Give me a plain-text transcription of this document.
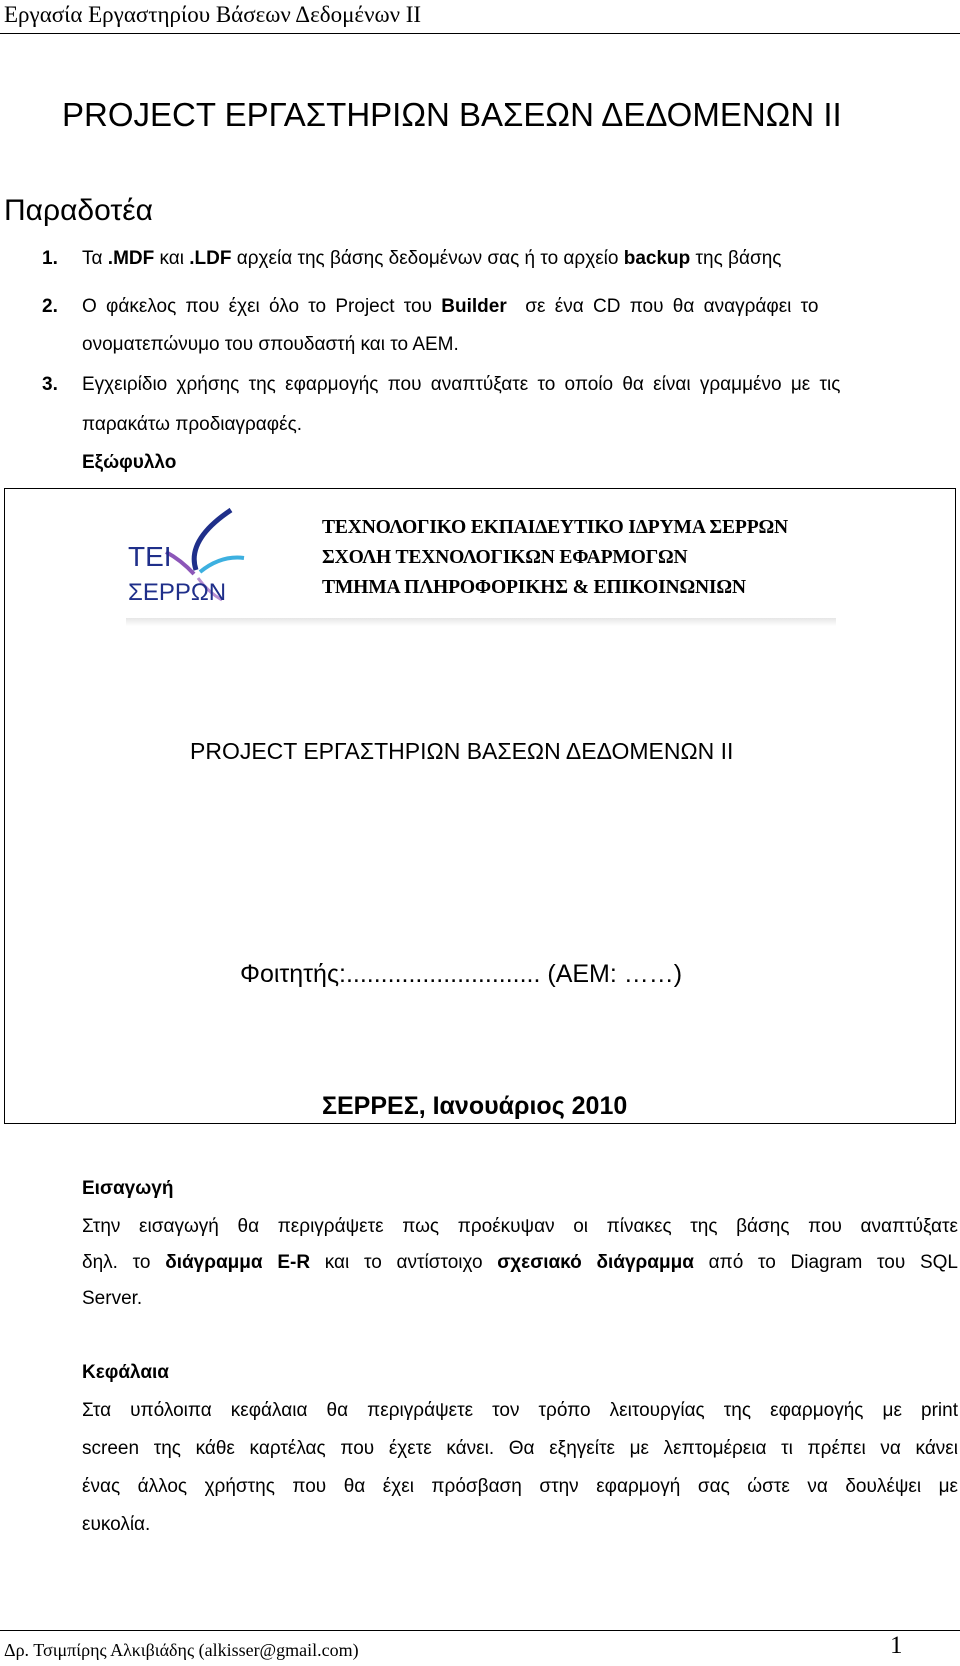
Εργασία Εργαστηρίου Βάσεων Δεδομένων ΙΙ
PROJECT ΕΡΓΑΣΤΗΡΙΩΝ ΒΑΣΕΩΝ ΔΕΔΟΜΕΝΩΝ ΙΙ
Παραδοτέα
1. Τα .MDF και .LDF αρχεία της βάσης δεδομένων σας ή το αρχείο backup της βάσης
2. Ο φάκελος που έχει όλο το Project του Builder  σε ένα CD που θα αναγράφει το
ονοματεπώνυμο του σπουδαστή και το ΑΕΜ.
3. Εγχειρίδιο χρήσης της εφαρμογής που αναπτύξατε το οποίο θα είναι γραμμένο με τις
παρακάτω προδιαγραφές.
Εξώφυλλο
ΤΕΙ
ΣΕΡΡΩΝ
ΤΕΧΝΟΛΟΓΙΚΟ ΕΚΠΑΙΔΕΥΤΙΚΟ ΙΔΡΥΜΑ ΣΕΡΡΩΝ
ΣΧΟΛΗ ΤΕΧΝΟΛΟΓΙΚΩΝ ΕΦΑΡΜΟΓΩΝ
ΤΜΗΜΑ ΠΛΗΡΟΦΟΡΙΚΗΣ & ΕΠΙΚΟΙΝΩΝΙΩΝ
PROJECT ΕΡΓΑΣΤΗΡΙΩΝ ΒΑΣΕΩΝ ΔΕΔΟΜΕΝΩΝ ΙΙ
Φοιτητής:............................ (ΑΕΜ: ……)
ΣΕΡΡΕΣ, Ιανουάριος 2010
Εισαγωγή
Στην εισαγωγή θα περιγράψετε πως προέκυψαν οι πίνακες της βάσης που αναπτύξατε
δηλ. το διάγραμμα E-R και το αντίστοιχο σχεσιακό διάγραμμα από το Diagram του SQL
Server.
Κεφάλαια
Στα υπόλοιπα κεφάλαια θα περιγράψετε τον τρόπο λειτουργίας της εφαρμογής με print
screen της κάθε καρτέλας που έχετε κάνει. Θα εξηγείτε με λεπτομέρεια τι πρέπει να κάνει
ένας άλλος χρήστης που θα έχει πρόσβαση στην εφαρμογή σας ώστε να δουλέψει με
ευκολία.
Δρ. Τσιμπίρης Αλκιβιάδης (alkisser@gmail.com)	1
